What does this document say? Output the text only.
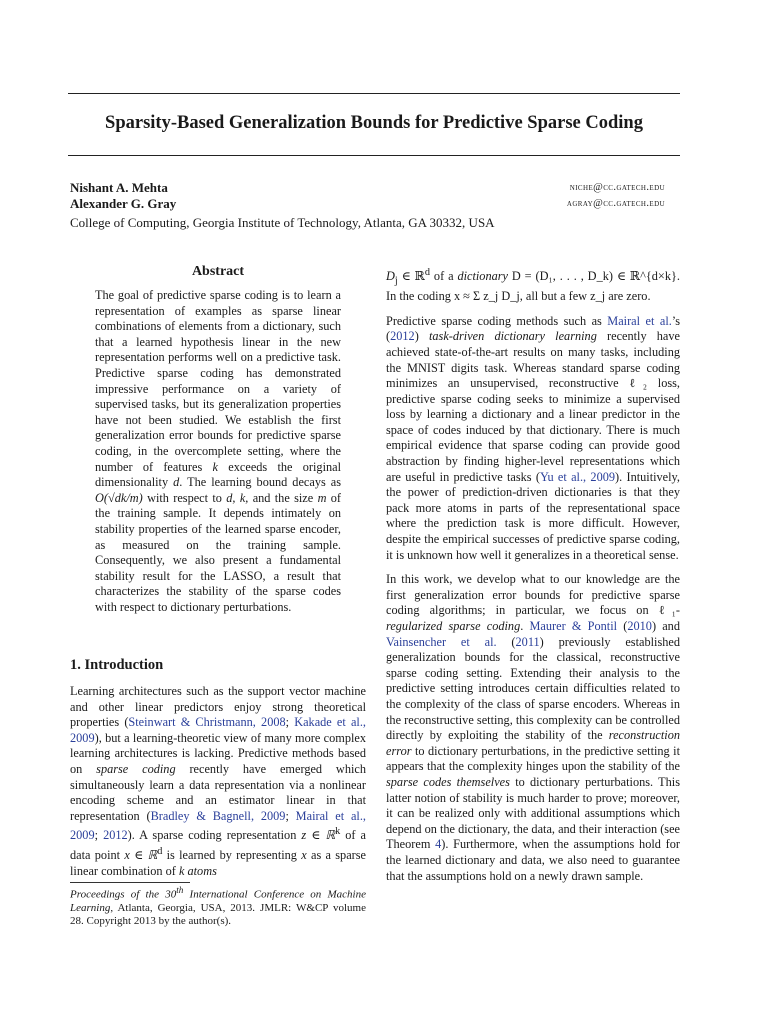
Sparsity-Based Generalization Bounds for Predictive Sparse Coding
Nishant A. Mehta	niche@cc.gatech.edu
Alexander G. Gray	agray@cc.gatech.edu
College of Computing, Georgia Institute of Technology, Atlanta, GA 30332, USA
Abstract

The goal of predictive sparse coding is to learn a representation of examples as sparse linear combinations of elements from a dictionary, such that a learned hypothesis linear in the new representation performs well on a predictive task. Predictive sparse coding has demonstrated impressive performance on a variety of supervised tasks, but its generalization properties have not been studied. We establish the first generalization error bounds for predictive sparse coding, in the overcomplete setting, where the number of features k exceeds the original dimensionality d. The learning bound decays as O(√dk/m) with respect to d, k, and the size m of the training sample. It depends intimately on stability properties of the learned sparse encoder, as measured on the training sample. Consequently, we also present a fundamental stability result for the LASSO, a result that characterizes the stability of the sparse codes with respect to dictionary perturbations.

1. Introduction

Learning architectures such as the support vector machine and other linear predictors enjoy strong theoretical properties (Steinwart & Christmann, 2008; Kakade et al., 2009), but a learning-theoretic view of many more complex learning architectures is lacking. Predictive methods based on sparse coding recently have emerged which simultaneously learn a data representation via a nonlinear encoding scheme and an estimator linear in that representation (Bradley & Bagnell, 2009; Mairal et al., 2009; 2012). A sparse coding representation z ∈ ℝ$^k$ of a data point x ∈ ℝ$^d$ is learned by representing x as a sparse linear combination of k atoms

Proceedings of the 30th International Conference on Machine Learning, Atlanta, Georgia, USA, 2013. JMLR: W&CP volume 28. Copyright 2013 by the author(s).

$D_j$ ∈ ℝ$^d$ of a dictionary D = (D₁, . . . , D_k) ∈ ℝ^{d×k}. In the coding x ≈ Σ z_j D_j, all but a few z_j are zero.

Predictive sparse coding methods such as Mairal et al.’s (2012) task-driven dictionary learning recently have achieved state-of-the-art results on many tasks, including the MNIST digits task. Whereas standard sparse coding minimizes an unsupervised, reconstructive ℓ₂ loss, predictive sparse coding seeks to minimize a supervised loss by learning a dictionary and a linear predictor in the space of codes induced by that dictionary. There is much empirical evidence that sparse coding can provide good abstraction by finding higher-level representations which are useful in predictive tasks (Yu et al., 2009). Intuitively, the power of prediction-driven dictionaries is that they pack more atoms in parts of the representational space where the prediction task is more difficult. However, despite the empirical successes of predictive sparse coding, it is unknown how well it generalizes in a theoretical sense.

In this work, we develop what to our knowledge are the first generalization error bounds for predictive sparse coding algorithms; in particular, we focus on ℓ₁-regularized sparse coding. Maurer & Pontil (2010) and Vainsencher et al. (2011) previously established generalization bounds for the classical, reconstructive sparse coding setting. Extending their analysis to the predictive setting introduces certain difficulties related to the complexity of the class of sparse encoders. Whereas in the reconstructive setting, this complexity can be controlled directly by exploiting the stability of the reconstruction error to dictionary perturbations, in the predictive setting it appears that the complexity hinges upon the stability of the sparse codes themselves to dictionary perturbations. This latter notion of stability is much harder to prove; moreover, it can be realized only with additional assumptions which depend on the dictionary, the data, and their interaction (see Theorem 4). Furthermore, when the assumptions hold for the learned dictionary and data, we also need to guarantee that the assumptions hold on a newly drawn sample.
